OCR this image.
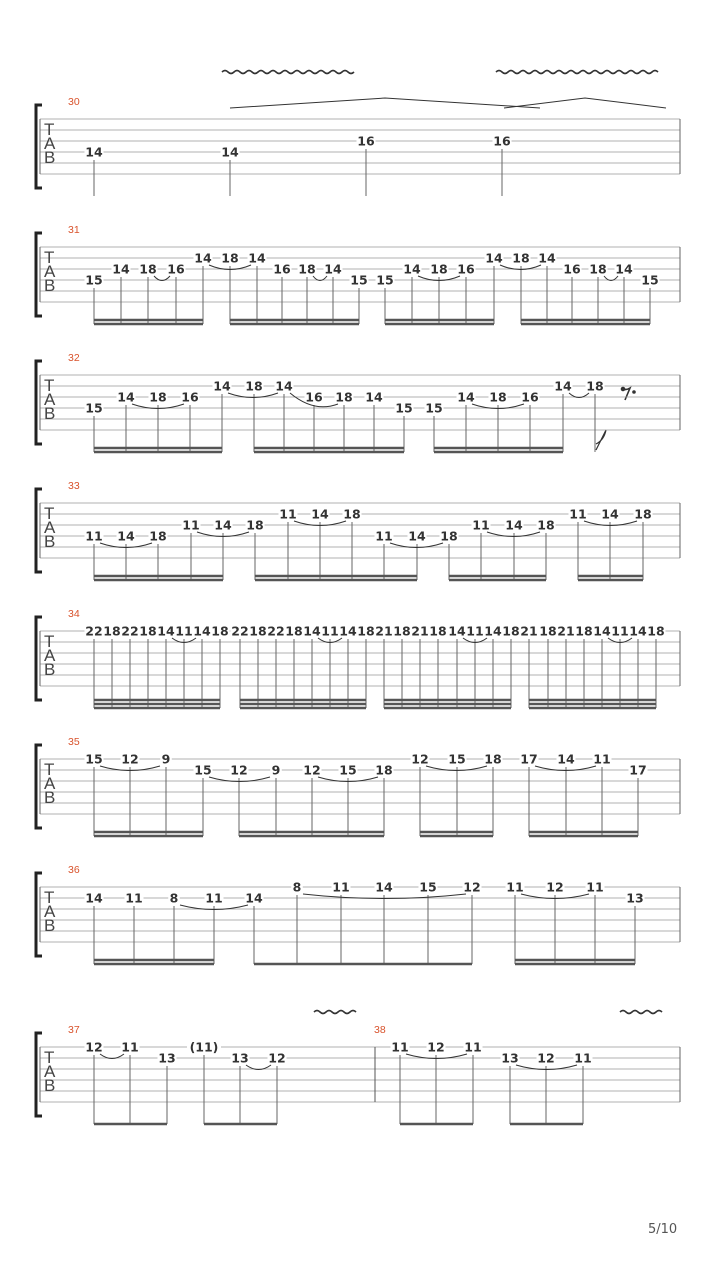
T
A
B
30
14	14
16	16
T
A
B
31
15
14 18 16
14 18 14
16 18 14
15 15
14 18 16
14 18 14
16 18 14
15
T
A
B
32
15
14 18 16
14 18 14
16 18 14
15 15
14 18 16
14 18
T
A
B
33
11 14 18
11 14 18
11 14 18
11 14 18
11 14 18
11 14 18
T
A
B
34
22 18 22 18 14 11 14 18 22 18 22 18 14 11 14 18 21 18 21 18 14 11 14 18 21 18 21 18 14 11 14 18
T
A
B
35
15 12 9
15 12 9 12 15 18
12 15 18 17 14 11
17
T
A
B
36
14 11 8 11 14
8 11 14 15 12 11 12 11
13
T
A
B
37	38
12 11
13
(11)
13 12
11 12 11
13 12 11
5/10
